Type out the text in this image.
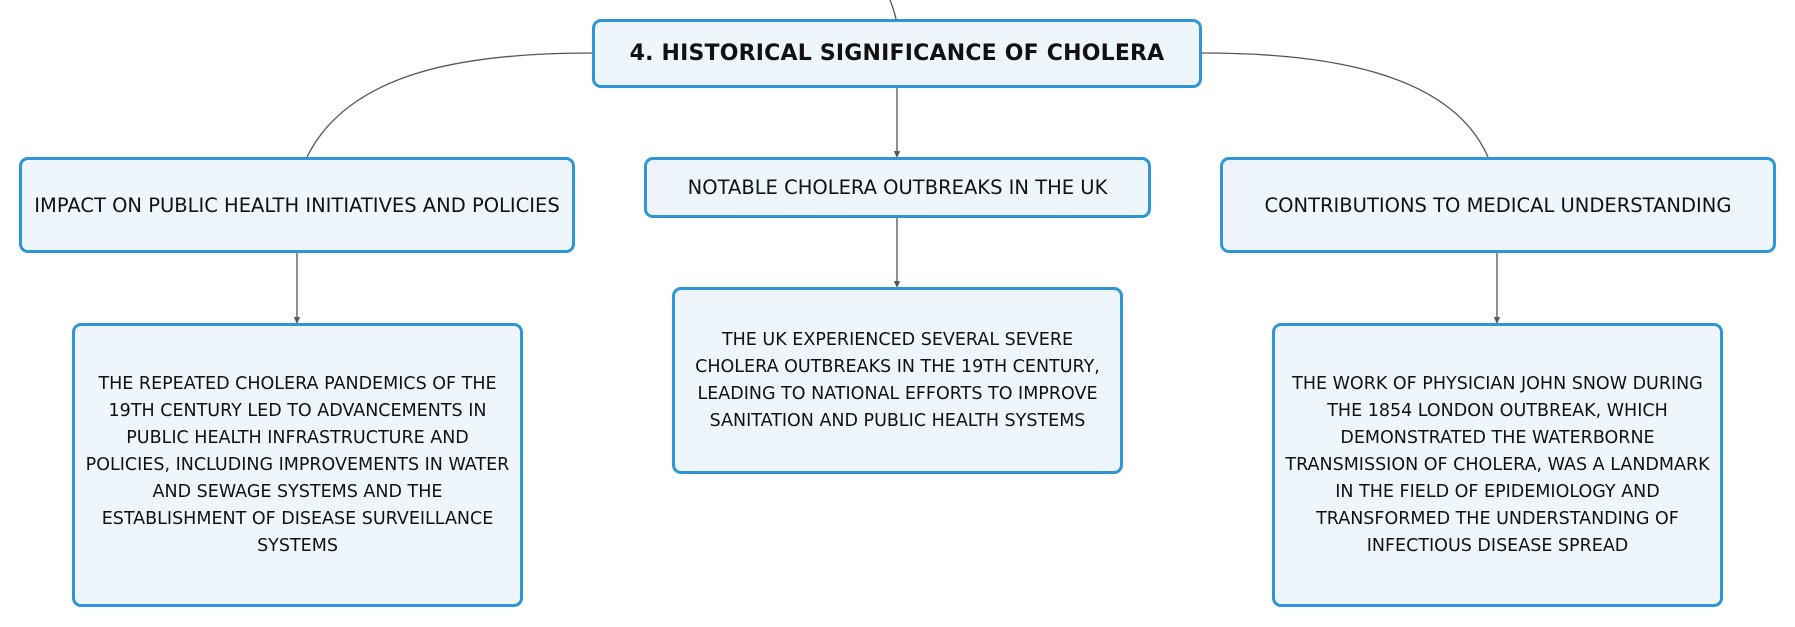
4. HISTORICAL SIGNIFICANCE OF CHOLERA
IMPACT ON PUBLIC HEALTH INITIATIVES AND POLICIES
NOTABLE CHOLERA OUTBREAKS IN THE UK
CONTRIBUTIONS TO MEDICAL UNDERSTANDING
THE REPEATED CHOLERA PANDEMICS OF THE 19TH CENTURY LED TO ADVANCEMENTS IN PUBLIC HEALTH INFRASTRUCTURE AND POLICIES, INCLUDING IMPROVEMENTS IN WATER AND SEWAGE SYSTEMS AND THE ESTABLISHMENT OF DISEASE SURVEILLANCE SYSTEMS
THE UK EXPERIENCED SEVERAL SEVERE CHOLERA OUTBREAKS IN THE 19TH CENTURY, LEADING TO NATIONAL EFFORTS TO IMPROVE SANITATION AND PUBLIC HEALTH SYSTEMS
THE WORK OF PHYSICIAN JOHN SNOW DURING THE 1854 LONDON OUTBREAK, WHICH DEMONSTRATED THE WATERBORNE TRANSMISSION OF CHOLERA, WAS A LANDMARK IN THE FIELD OF EPIDEMIOLOGY AND TRANSFORMED THE UNDERSTANDING OF INFECTIOUS DISEASE SPREAD
